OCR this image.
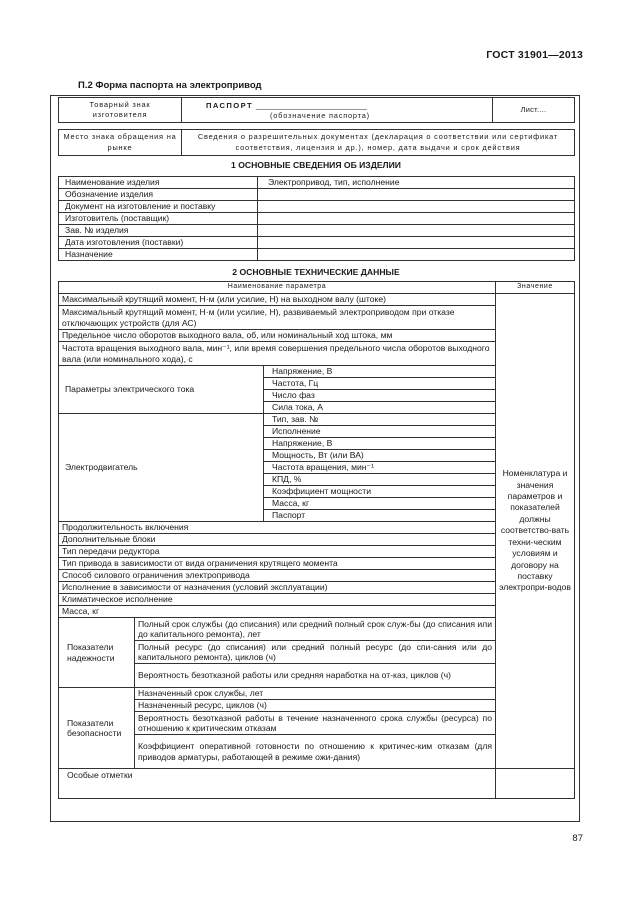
ГОСТ 31901—2013
П.2 Форма паспорта на электропривод
Товарный знак изготовителя	
ПАСПОРТ ___________________________
(обозначение паспорта)
	Лист....
Место знака обращения на рынке	Сведения о разрешительных документах (декларация о соответствии или сертификат соответствия, лицензия и др.), номер, дата выдачи и срок действия
1 ОСНОВНЫЕ СВЕДЕНИЯ ОБ ИЗДЕЛИИ
Наименование изделия	Электропривод, тип, исполнение
Обозначение изделия	
Документ на изготовление и поставку	
Изготовитель (поставщик)	
Зав. № изделия	
Дата изготовления (поставки)	
Назначение	
2 ОСНОВНЫЕ ТЕХНИЧЕСКИЕ ДАННЫЕ
Наименование параметра			Значение
Максимальный крутящий момент, Н·м (или усилие, Н) на выходном валу (штоке)			Номенклатура и значения параметров и показателей должны соответство-вать техни-ческим условиям и договору на поставку электропри-водов
Максимальный крутящий момент, Н·м (или усилие, Н), развиваемый электроприводом при отказе отключающих устройств (для АС)			
Предельное число оборотов выходного вала, об, или номинальный ход штока, мм			
Частота вращения выходного вала, мин⁻¹, или время совершения предельного числа оборотов выходного вала (или номинального хода), с			
Параметры электрического тока		Напряжение, В	
		Частота, Гц	
		Число фаз	
		Сила тока, А	
Электродвигатель		Тип, зав. №	
		Исполнение	
		Напряжение, В	
		Мощность, Вт (или ВА)	
		Частота вращения, мин⁻¹	
		КПД, %	
		Коэффициент мощности	
		Масса, кг	
		Паспорт	
Продолжительность включения			
Дополнительные блоки			
Тип передачи редуктора			
Тип привода в зависимости от вида ограничения крутящего момента			
Способ силового ограничения электропривода			
Исполнение в зависимости от назначения (условий эксплуатации)			
Климатическое исполнение			
Масса, кг			
Показатели надежности	Полный срок службы (до списания) или средний полный срок служ-бы (до списания или до капитального ремонта), лет		
	Полный ресурс (до списания) или средний полный ресурс (до спи-сания или до капитального ремонта), циклов (ч)		
	Вероятность безотказной работы или средняя наработка на от-каз, циклов (ч)		
Показатели безопасности	Назначенный срок службы, лет		
	Назначенный ресурс, циклов (ч)		
	Вероятность безотказной работы в течение назначенного срока службы (ресурса) по отношению к критическим отказам		
	Коэффициент оперативной готовности по отношению к критичес-ким отказам (для приводов арматуры, работающей в режиме ожи-дания)		
Особые отметки			
87
